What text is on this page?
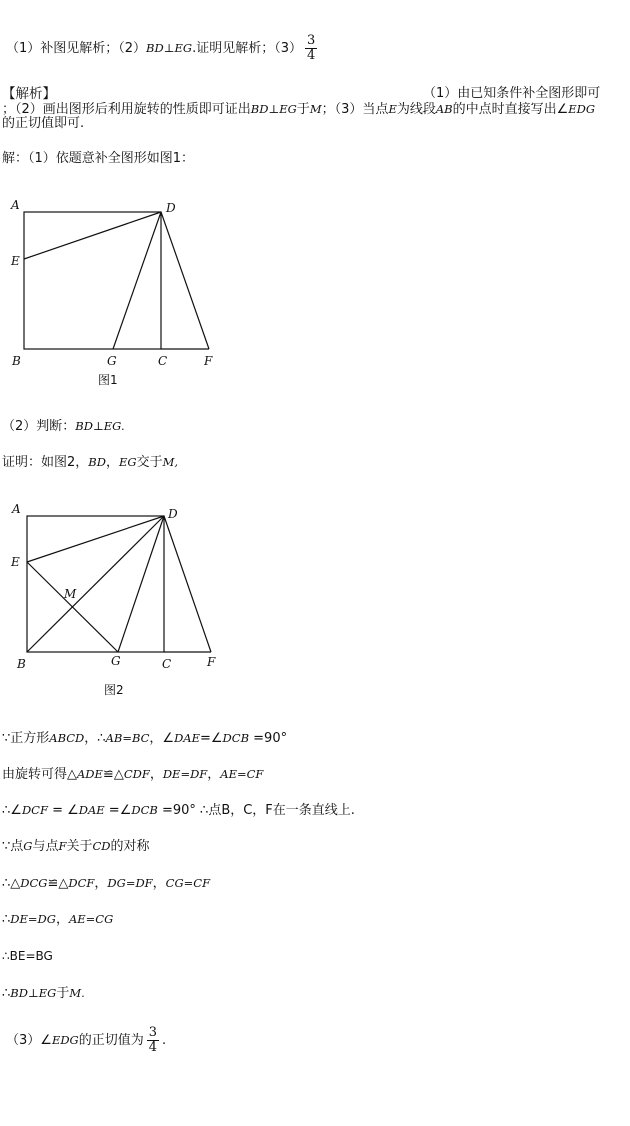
（1）补图见解析；（2）BD⊥EG.证明见解析；$(3) \frac{3}{4}$
【解析】	（1）由已知条件补全图形即可
；（2）画出图形后利用旋转的性质即可证出BD⊥EG于M；（3）当点E为线段AB的中点时直接写出∠EDG
的正切值即可.
解：（1）依题意补全图形如图1：
A	D
E
B	G	C	F
图1
（2）判断：BD⊥EG.
证明：如图2，BD，EG交于M,
A	D
E
M
B	G	C	F
图2
∵正方形ABCD，∴AB=BC，∠DAE=∠DCB =90°
由旋转可得△ADE≌△CDF，DE=DF，AE=CF
∴∠DCF = ∠DAE =∠DCB =90° ∴点B，C，F在一条直线上.
∵点G与点F关于CD的对称
∴△DCG≌△DCF，DG=DF，CG=CF
∴DE=DG，AE=CG
∴BE=BG
∴BD⊥EG于M.
（3）∠EDG的正切值为 $\frac{3}{4}$ .
